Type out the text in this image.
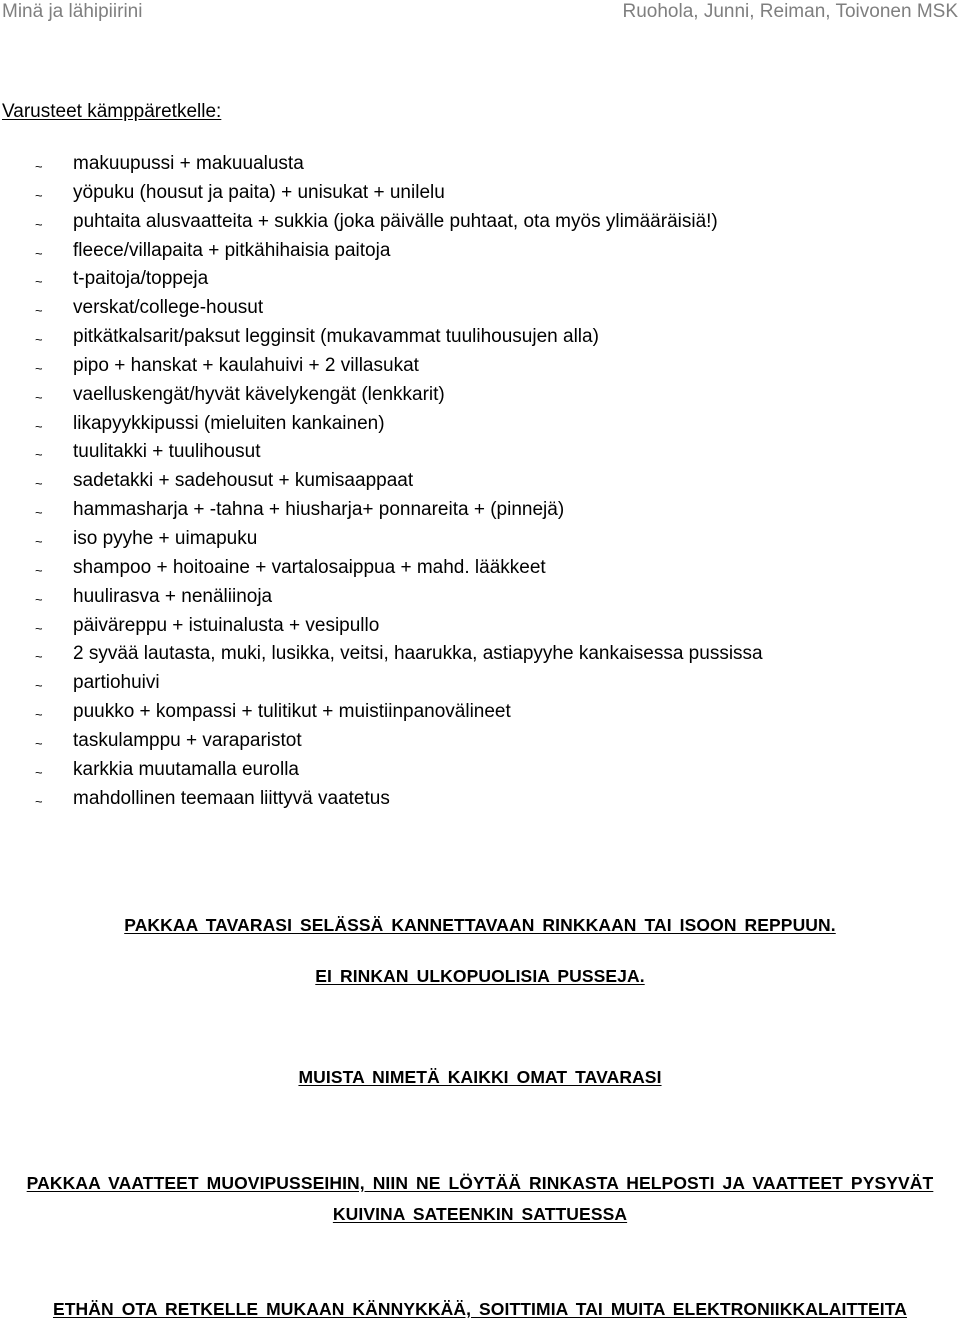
Minä ja lähipiirini	Ruohola, Junni, Reiman, Toivonen MSK
Varusteet kämppäretkelle:
~ makuupussi + makuualusta
~ yöpuku (housut ja paita) + unisukat + unilelu
~ puhtaita alusvaatteita + sukkia (joka päivälle puhtaat, ota myös ylimääräisiä!)
~ fleece/villapaita + pitkähihaisia paitoja
~ t-paitoja/toppeja
~ verskat/college-housut
~ pitkätkalsarit/paksut legginsit (mukavammat tuulihousujen alla)
~ pipo + hanskat + kaulahuivi + 2 villasukat
~ vaelluskengät/hyvät kävelykengät (lenkkarit)
~ likapyykkipussi (mieluiten kankainen)
~ tuulitakki + tuulihousut
~ sadetakki + sadehousut + kumisaappaat
~ hammasharja + -tahna + hiusharja+ ponnareita + (pinnejä)
~ iso pyyhe + uimapuku
~ shampoo + hoitoaine + vartalosaippua + mahd. lääkkeet
~ huulirasva + nenäliinoja
~ päiväreppu + istuinalusta + vesipullo
~ 2 syvää lautasta, muki, lusikka, veitsi, haarukka, astiapyyhe kankaisessa pussissa
~ partiohuivi
~ puukko + kompassi + tulitikut + muistiinpanovälineet
~ taskulamppu + varaparistot
~ karkkia muutamalla eurolla
~ mahdollinen teemaan liittyvä vaatetus
PAKKAA TAVARASI SELÄSSÄ KANNETTAVAAN RINKKAAN TAI ISOON REPPUUN.
EI RINKAN ULKOPUOLISIA PUSSEJA.
MUISTA NIMETÄ KAIKKI OMAT TAVARASI
PAKKAA VAATTEET MUOVIPUSSEIHIN, NIIN NE LÖYTÄÄ RINKASTA HELPOSTI JA VAATTEET PYSYVÄT
KUIVINA SATEENKIN SATTUESSA
ETHÄN OTA RETKELLE MUKAAN KÄNNYKKÄÄ, SOITTIMIA TAI MUITA ELEKTRONIIKKALAITTEITA
